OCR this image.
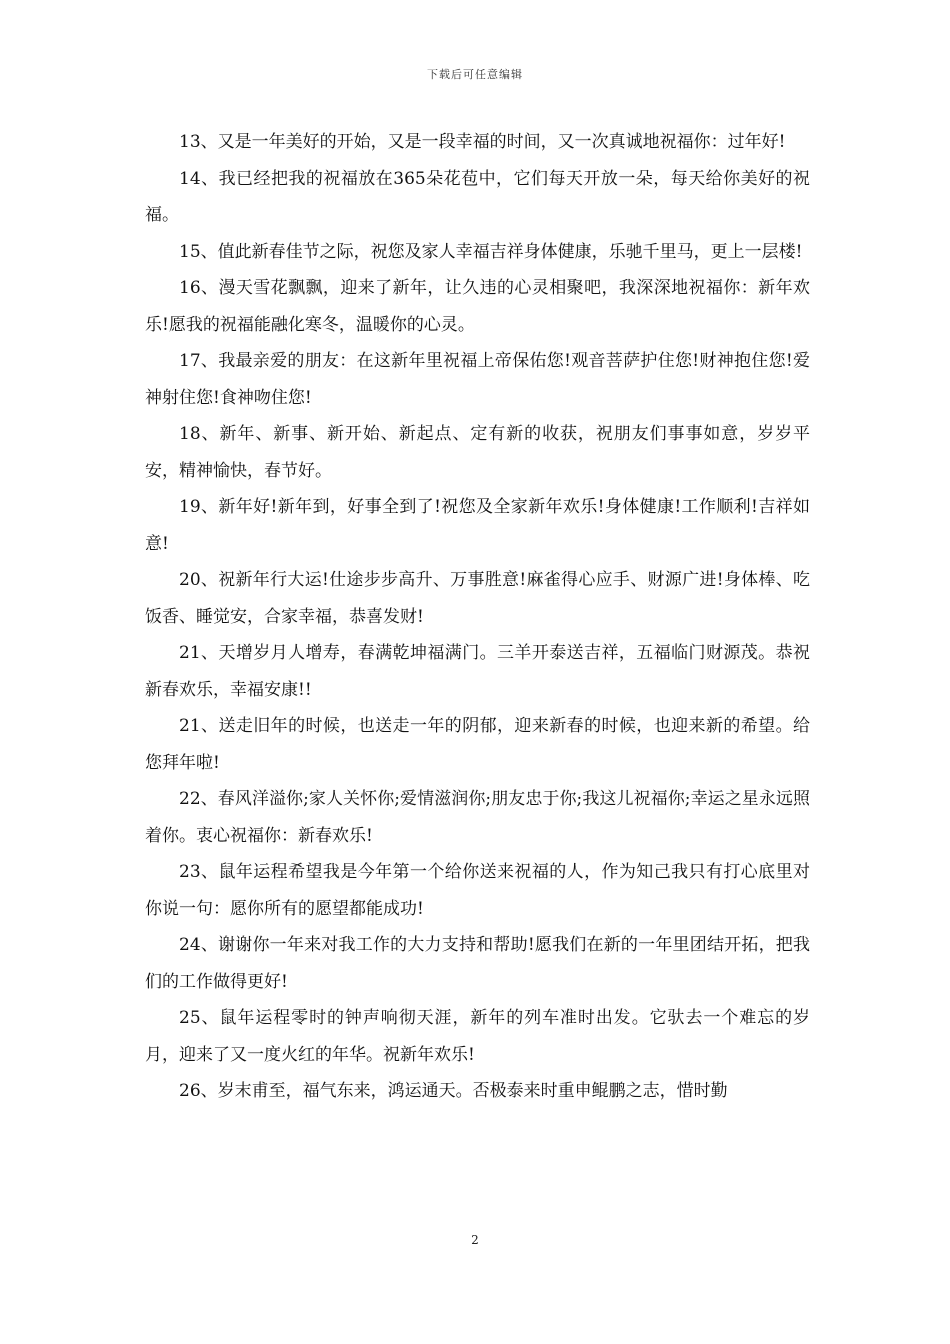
下载后可任意编辑

13、又是一年美好的开始，又是一段幸福的时间，又一次真诚地祝福你：过年好!

14、我已经把我的祝福放在365朵花苞中，它们每天开放一朵，每天给你美好的祝福。

15、值此新春佳节之际，祝您及家人幸福吉祥身体健康，乐驰千里马，更上一层楼!

16、漫天雪花飘飘，迎来了新年，让久违的心灵相聚吧，我深深地祝福你：新年欢乐!愿我的祝福能融化寒冬，温暖你的心灵。

17、我最亲爱的朋友：在这新年里祝福上帝保佑您!观音菩萨护住您!财神抱住您!爱神射住您!食神吻住您!

18、新年、新事、新开始、新起点、定有新的收获，祝朋友们事事如意，岁岁平安，精神愉快，春节好。

19、新年好!新年到，好事全到了!祝您及全家新年欢乐!身体健康!工作顺利!吉祥如意!

20、祝新年行大运!仕途步步高升、万事胜意!麻雀得心应手、财源广进!身体棒、吃饭香、睡觉安，合家幸福，恭喜发财!

21、天增岁月人增寿，春满乾坤福满门。三羊开泰送吉祥，五福临门财源茂。恭祝新春欢乐，幸福安康!!

21、送走旧年的时候，也送走一年的阴郁，迎来新春的时候，也迎来新的希望。给您拜年啦!

22、春风洋溢你;家人关怀你;爱情滋润你;朋友忠于你;我这儿祝福你;幸运之星永远照着你。衷心祝福你：新春欢乐!

23、鼠年运程希望我是今年第一个给你送来祝福的人，作为知己我只有打心底里对你说一句：愿你所有的愿望都能成功!

24、谢谢你一年来对我工作的大力支持和帮助!愿我们在新的一年里团结开拓，把我们的工作做得更好!

25、鼠年运程零时的钟声响彻天涯，新年的列车准时出发。它驮去一个难忘的岁月，迎来了又一度火红的年华。祝新年欢乐!

26、岁末甫至，福气东来，鸿运通天。否极泰来时重申鲲鹏之志，惜时勤

2
